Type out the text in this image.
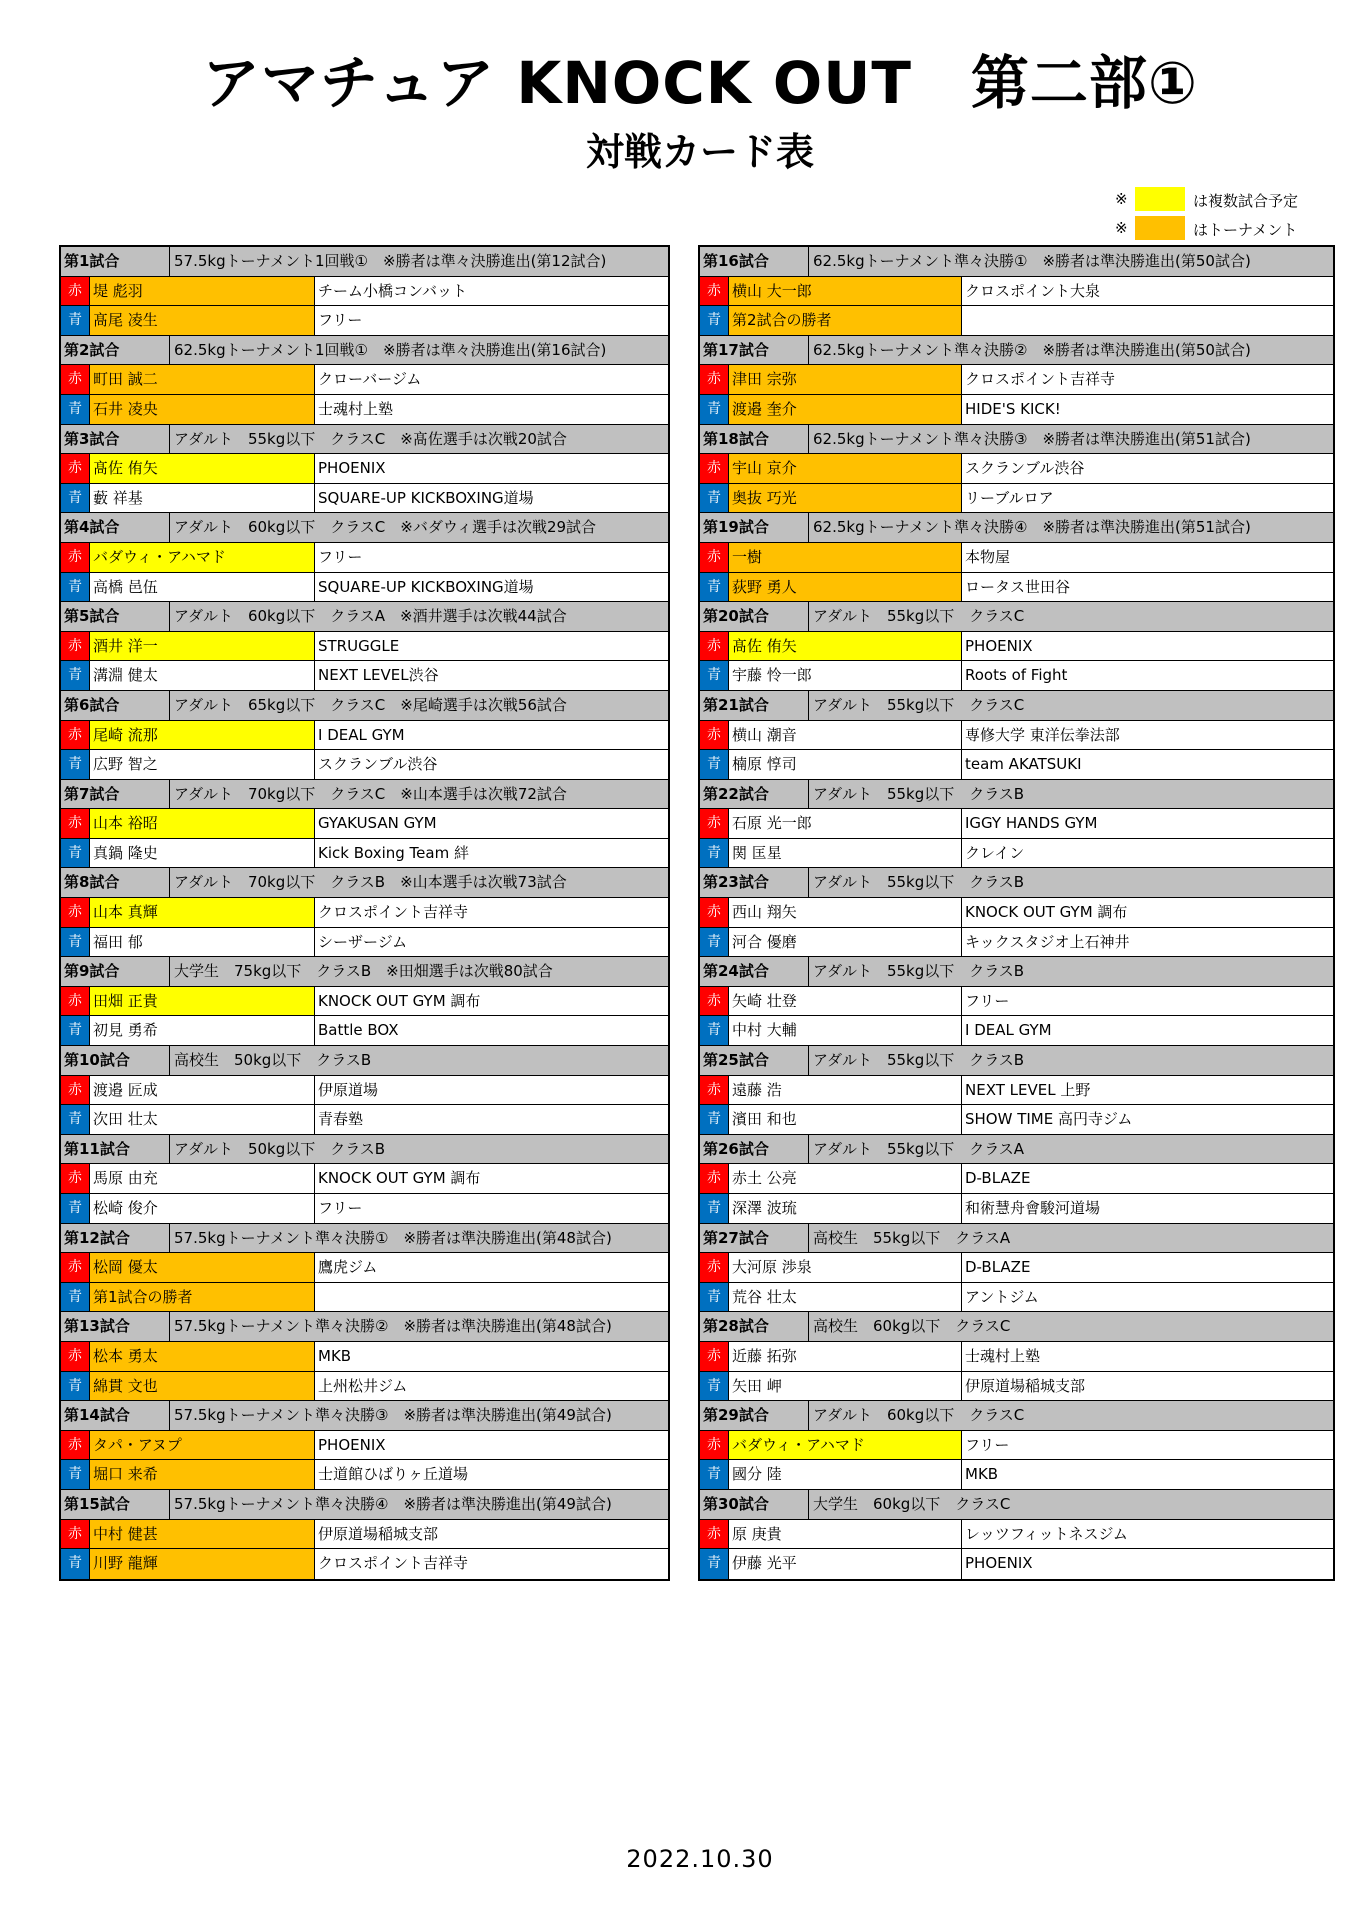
アマチュア KNOCK OUT　第二部①
対戦カード表
※	は複数試合予定
※	はトーナメント
第1試合	57.5kgトーナメント1回戦①　※勝者は準々決勝進出(第12試合)
赤 堤 彪羽	チーム小橋コンバット
青 髙尾 凌生	フリー
第2試合	62.5kgトーナメント1回戦①　※勝者は準々決勝進出(第16試合)
赤 町田 誠二	クローバージム
青 石井 凌央	士魂村上塾
第3試合	アダルト　55kg以下　クラスC　※髙佐選手は次戦20試合
赤 髙佐 侑矢	PHOENIX
青 藪 祥基	SQUARE-UP KICKBOXING道場
第4試合	アダルト　60kg以下　クラスC　※バダウィ選手は次戦29試合
赤 バダウィ・アハマド	フリー
青 高橋 邑伍	SQUARE-UP KICKBOXING道場
第5試合	アダルト　60kg以下　クラスA　※酒井選手は次戦44試合
赤 酒井 洋一	STRUGGLE
青 溝淵 健太	NEXT LEVEL渋谷
第6試合	アダルト　65kg以下　クラスC　※尾崎選手は次戦56試合
赤 尾崎 流那	I DEAL GYM
青 広野 智之	スクランブル渋谷
第7試合	アダルト　70kg以下　クラスC　※山本選手は次戦72試合
赤 山本 裕昭	GYAKUSAN GYM
青 真鍋 隆史	Kick Boxing Team 絆
第8試合	アダルト　70kg以下　クラスB　※山本選手は次戦73試合
赤 山本 真輝	クロスポイント吉祥寺
青 福田 郁	シーザージム
第9試合	大学生　75kg以下　クラスB　※田畑選手は次戦80試合
赤 田畑 正貴	KNOCK OUT GYM 調布
青 初見 勇希	Battle BOX
第10試合	高校生　50kg以下　クラスB
赤 渡邉 匠成	伊原道場
青 次田 壮太	青春塾
第11試合	アダルト　50kg以下　クラスB
赤 馬原 由充	KNOCK OUT GYM 調布
青 松崎 俊介	フリー
第12試合	57.5kgトーナメント準々決勝①　※勝者は準決勝進出(第48試合)
赤 松岡 優太	鷹虎ジム
青 第1試合の勝者
第13試合	57.5kgトーナメント準々決勝②　※勝者は準決勝進出(第48試合)
赤 松本 勇太	MKB
青 綿貫 文也	上州松井ジム
第14試合	57.5kgトーナメント準々決勝③　※勝者は準決勝進出(第49試合)
赤 タパ・アヌプ	PHOENIX
青 堀口 来希	士道館ひばりヶ丘道場
第15試合	57.5kgトーナメント準々決勝④　※勝者は準決勝進出(第49試合)
赤 中村 健甚	伊原道場稲城支部
青 川野 龍輝	クロスポイント吉祥寺
第16試合	62.5kgトーナメント準々決勝①　※勝者は準決勝進出(第50試合)
赤 横山 大一郎	クロスポイント大泉
青 第2試合の勝者
第17試合	62.5kgトーナメント準々決勝②　※勝者は準決勝進出(第50試合)
赤 津田 宗弥	クロスポイント吉祥寺
青 渡邉 奎介	HIDE'S KICK!
第18試合	62.5kgトーナメント準々決勝③　※勝者は準決勝進出(第51試合)
赤 宇山 京介	スクランブル渋谷
青 奥抜 巧光	リーブルロア
第19試合	62.5kgトーナメント準々決勝④　※勝者は準決勝進出(第51試合)
赤 一樹	本物屋
青 荻野 勇人	ロータス世田谷
第20試合	アダルト　55kg以下　クラスC
赤 髙佐 侑矢	PHOENIX
青 宇藤 怜一郎	Roots of Fight
第21試合	アダルト　55kg以下　クラスC
赤 横山 潮音	専修大学 東洋伝拳法部
青 楠原 惇司	team AKATSUKI
第22試合	アダルト　55kg以下　クラスB
赤 石原 光一郎	IGGY HANDS GYM
青 関 匡星	クレイン
第23試合	アダルト　55kg以下　クラスB
赤 西山 翔矢	KNOCK OUT GYM 調布
青 河合 優磨	キックスタジオ上石神井
第24試合	アダルト　55kg以下　クラスB
赤 矢崎 壮登	フリー
青 中村 大輔	I DEAL GYM
第25試合	アダルト　55kg以下　クラスB
赤 遠藤 浩	NEXT LEVEL 上野
青 濱田 和也	SHOW TIME 高円寺ジム
第26試合	アダルト　55kg以下　クラスA
赤 赤土 公亮	D-BLAZE
青 深澤 波琉	和術慧舟會駿河道場
第27試合	高校生　55kg以下　クラスA
赤 大河原 渉泉	D-BLAZE
青 荒谷 壮太	アントジム
第28試合	高校生　60kg以下　クラスC
赤 近藤 拓弥	士魂村上塾
青 矢田 岬	伊原道場稲城支部
第29試合	アダルト　60kg以下　クラスC
赤 バダウィ・アハマド	フリー
青 國分 陸	MKB
第30試合	大学生　60kg以下　クラスC
赤 原 庚貴	レッツフィットネスジム
青 伊藤 光平	PHOENIX
2022.10.30
